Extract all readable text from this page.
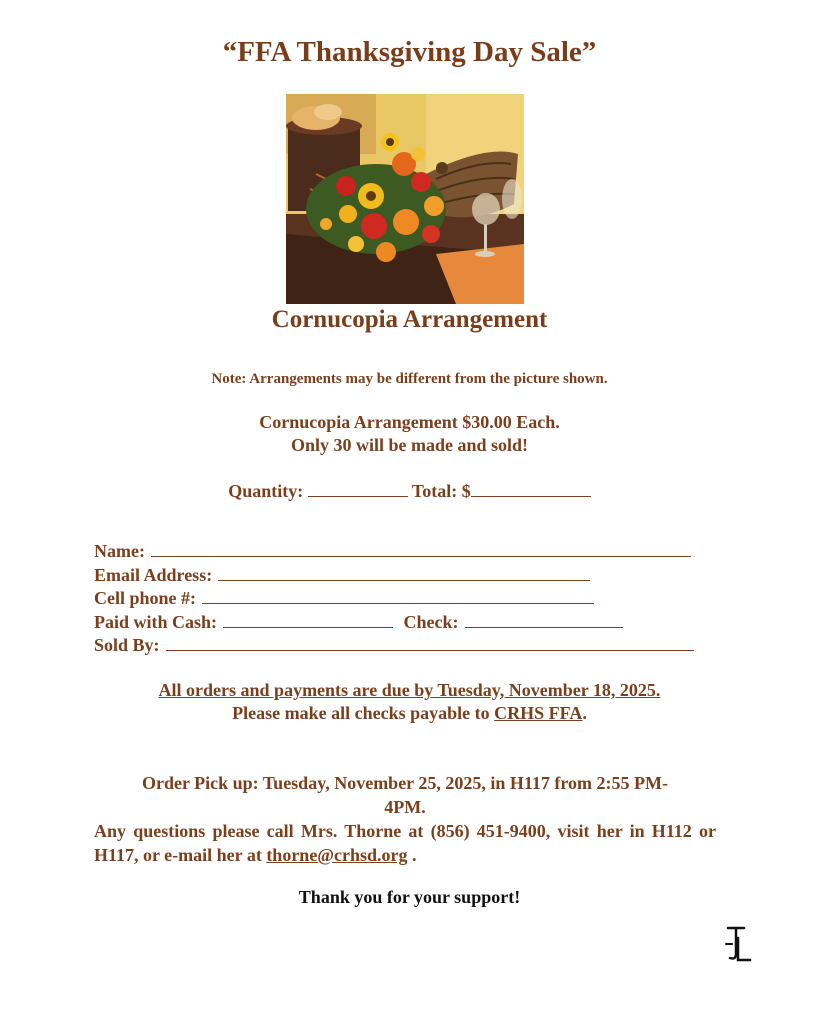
“FFA Thanksgiving Day Sale”
Cornucopia Arrangement
Note: Arrangements may be different from the picture shown.
Cornucopia Arrangement $30.00 Each.
Only 30 will be made and sold!
Quantity:	Total: $
Name:
Email Address:
Cell phone #:
Paid with Cash:	Check:
Sold By:
All orders and payments are due by Tuesday, November 18, 2025.
Please make all checks payable to CRHS FFA.
Order Pick up: Tuesday, November 25, 2025, in H117 from 2:55 PM-
4PM.
Any questions please call Mrs. Thorne at (856) 451-9400, visit her in H112 or H117, or e-mail her at thorne@crhsd.org .
Thank you for your support!
